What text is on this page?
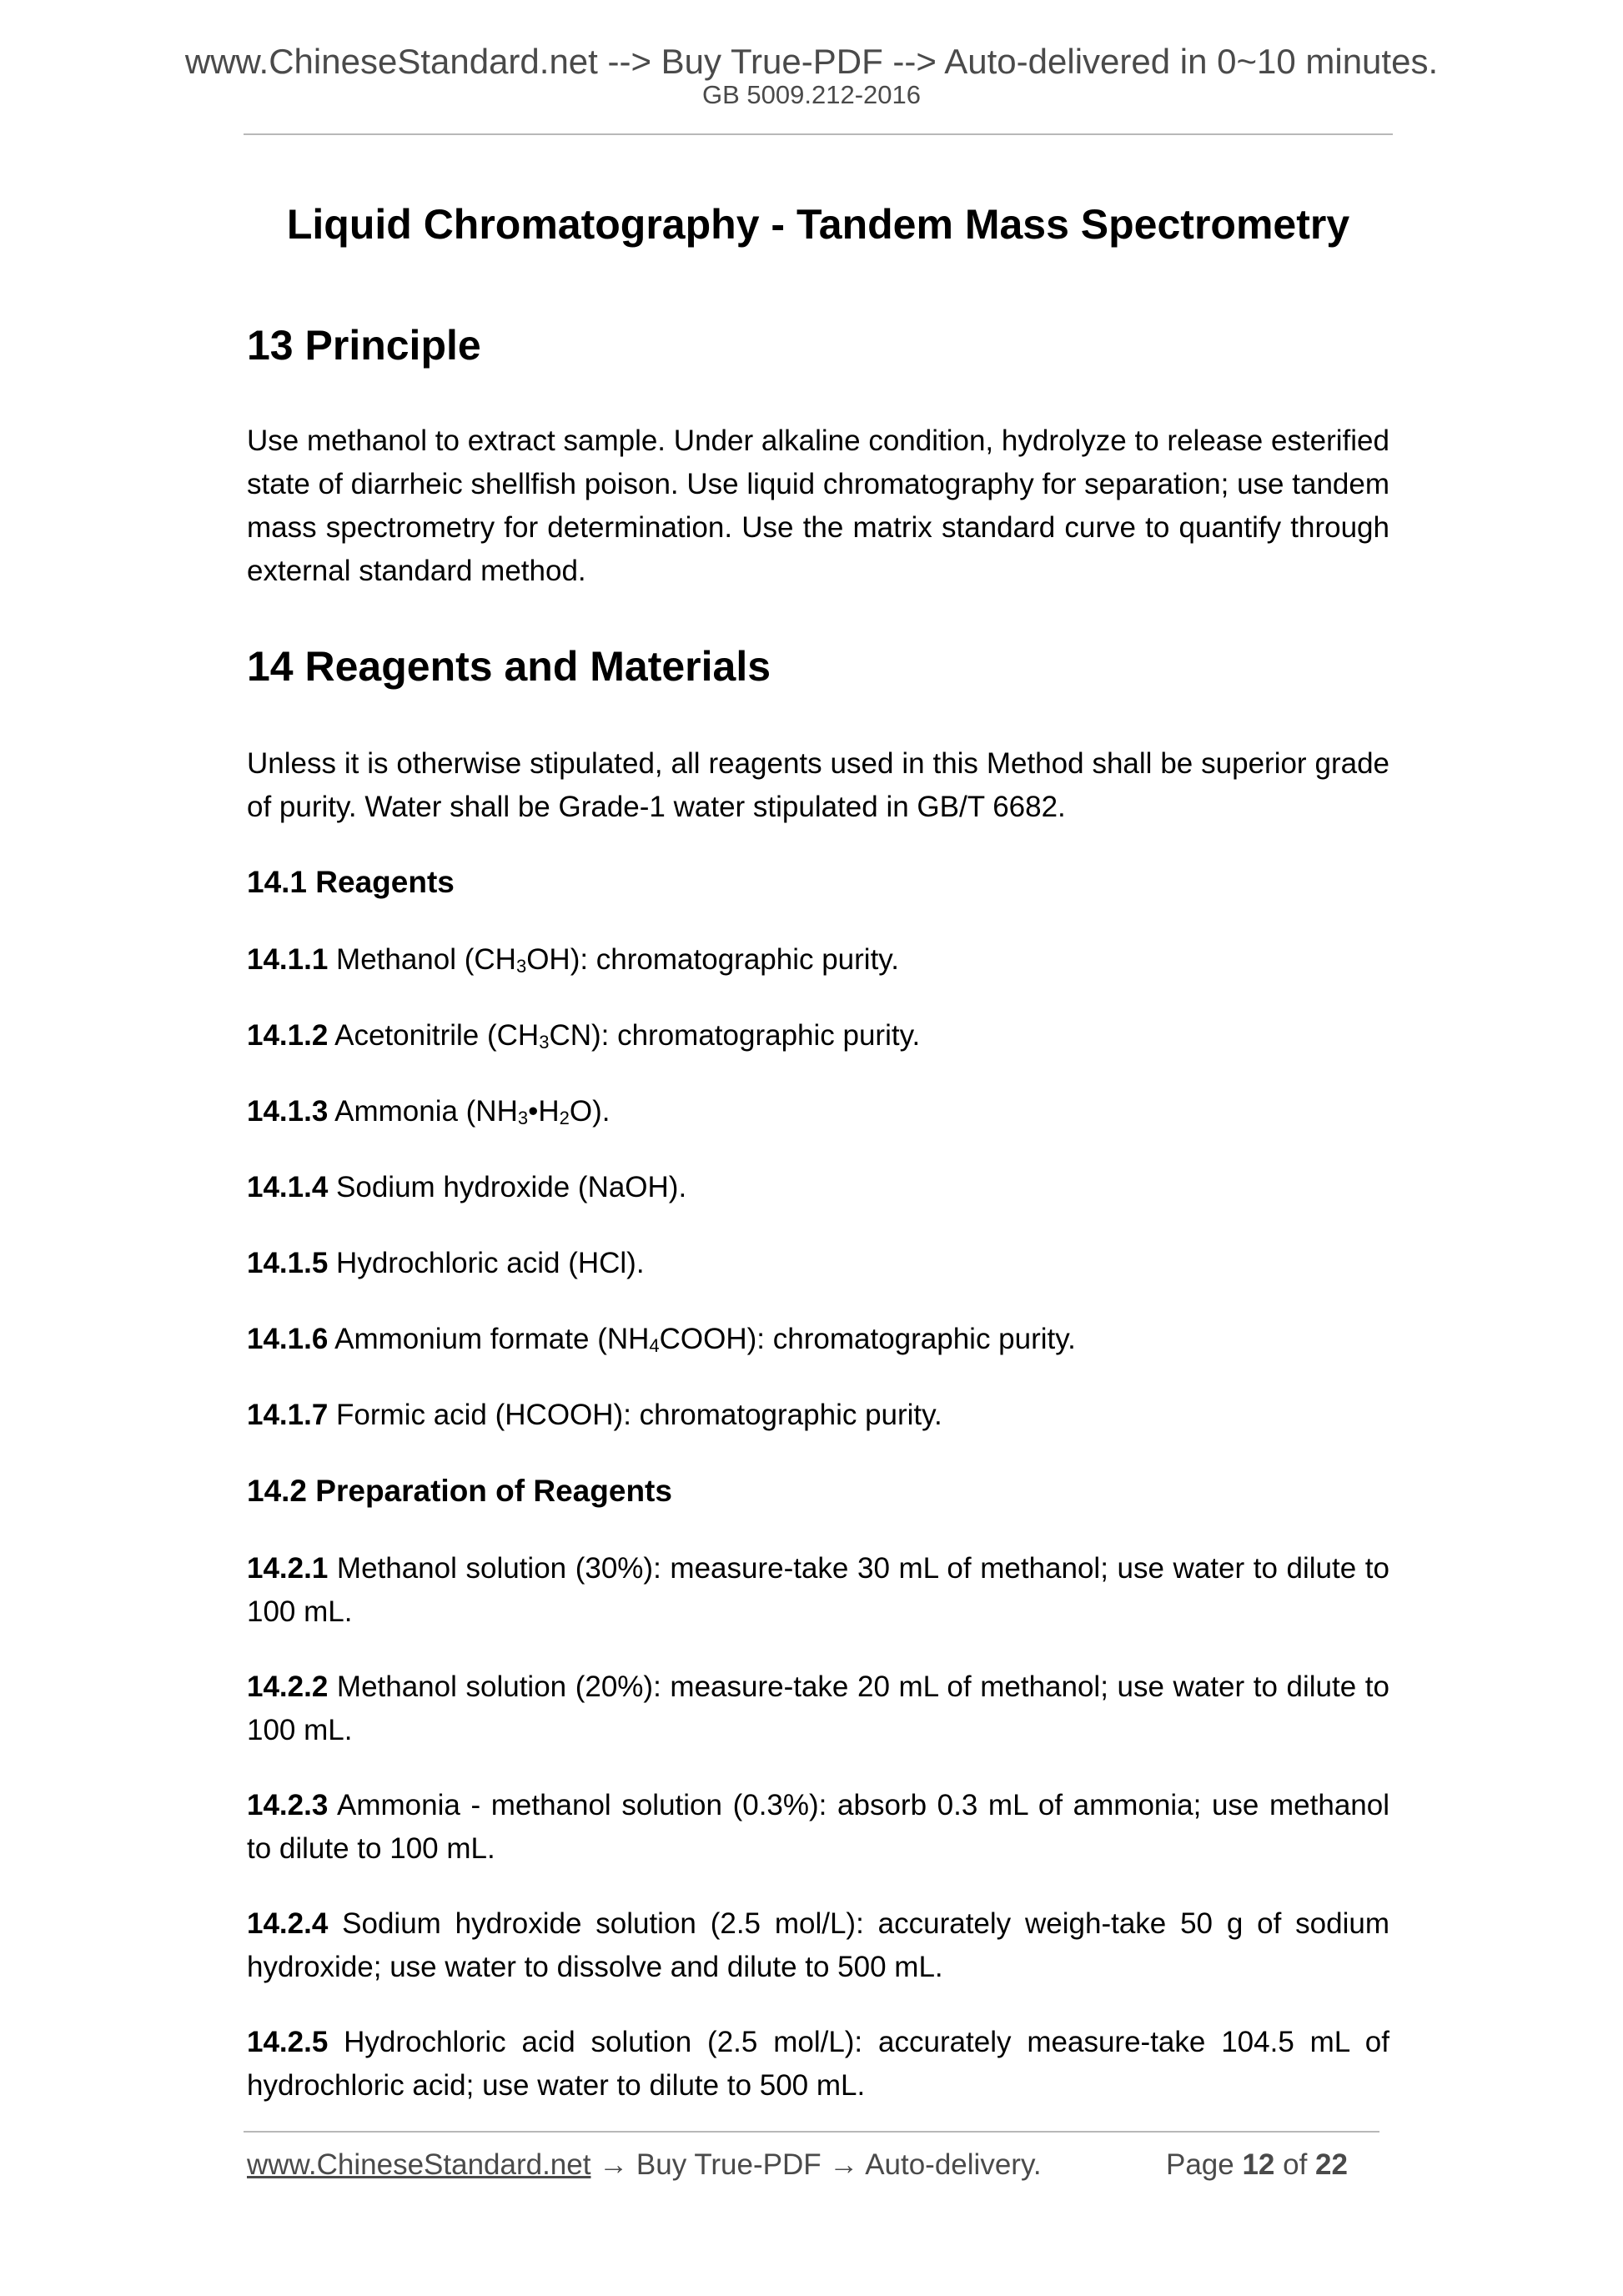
www.ChineseStandard.net --> Buy True-PDF --> Auto-delivered in 0~10 minutes.
GB 5009.212-2016
Liquid Chromatography - Tandem Mass Spectrometry
13 Principle

Use methanol to extract sample. Under alkaline condition, hydrolyze to release esterified state of diarrheic shellfish poison. Use liquid chromatography for separation; use tandem mass spectrometry for determination. Use the matrix standard curve to quantify through external standard method.

14 Reagents and Materials

Unless it is otherwise stipulated, all reagents used in this Method shall be superior grade of purity. Water shall be Grade-1 water stipulated in GB/T 6682.

14.1 Reagents

14.1.1 Methanol $(CH_3OH)$: chromatographic purity.

14.1.2 Acetonitrile $(CH_3CN)$: chromatographic purity.

14.1.3 Ammonia $(NH_3•H_2O)$.

14.1.4 Sodium hydroxide (NaOH).

14.1.5 Hydrochloric acid (HCl).

14.1.6 Ammonium formate $(NH_4COOH)$: chromatographic purity.

14.1.7 Formic acid (HCOOH): chromatographic purity.

14.2 Preparation of Reagents

14.2.1 Methanol solution (30%): measure-take 30 mL of methanol; use water to dilute to 100 mL.

14.2.2 Methanol solution (20%): measure-take 20 mL of methanol; use water to dilute to 100 mL.

14.2.3 Ammonia - methanol solution (0.3%): absorb 0.3 mL of ammonia; use methanol to dilute to 100 mL.

14.2.4 Sodium hydroxide solution (2.5 mol/L): accurately weigh-take 50 g of sodium hydroxide; use water to dissolve and dilute to 500 mL.

14.2.5 Hydrochloric acid solution (2.5 mol/L): accurately measure-take 104.5 mL of hydrochloric acid; use water to dilute to 500 mL.

www.ChineseStandard.net → Buy True-PDF → Auto-delivery.	Page 12 of 22
